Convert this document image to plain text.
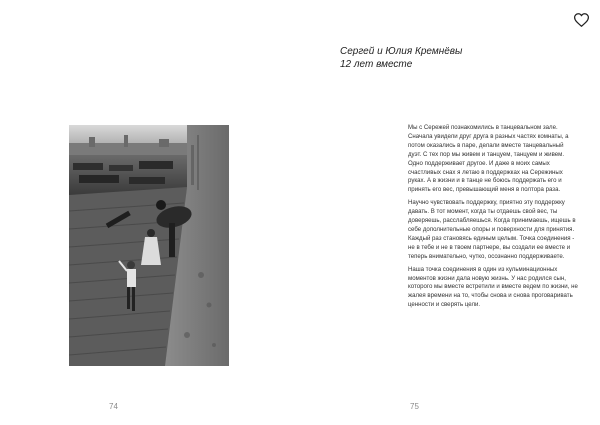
74
Сергей и Юлия Кремнёвы
12 лет вместе

Мы с Сережей познакомились в танцевальном зале. Сначала увидели друг друга в разных частях комнаты, а потом оказались в паре, делали вместе танцевальный дуэт. С тех пор мы живем и танцуем, танцуем и живем. Одно поддерживает другое. И даже в моих самых счастливых снах я летаю в поддержках на Сережиных руках. А в жизни и в танце не боюсь поддержать его и принять его вес, превышающий меня в полтора раза.

Научно чувствовать поддержку, приятно эту поддержку давать. В тот момент, когда ты отдаешь свой вес, ты доверяешь, расслабляешься. Когда принимаешь, ищешь в себе дополнительные опоры и поверхности для принятия. Каждый раз становясь единым целым. Точка соединения - не в тебе и не в твоем партнере, вы создали ее вместе и теперь внимательно, чутко, осознанно поддерживаете.

Наша точка соединения в один из кульминационных моментов жизни дала новую жизнь. У нас родился сын, которого мы вместе встретили и вместе ведем по жизни, не жалея времени на то, чтобы снова и снова проговаривать ценности и сверять цели.

75
